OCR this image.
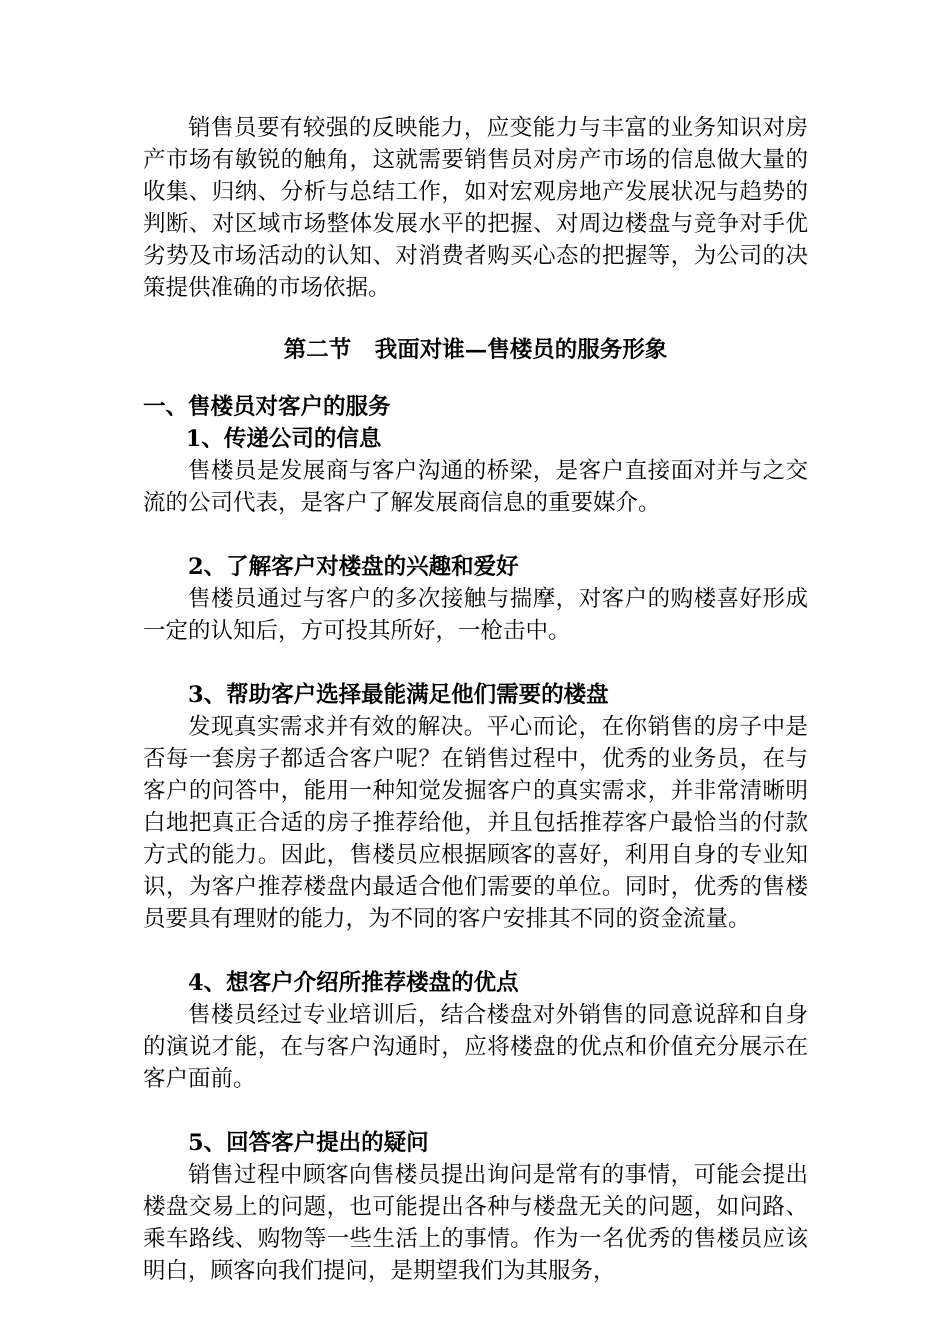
销售员要有较强的反映能力，应变能力与丰富的业务知识对房产市场有敏锐的触角，这就需要销售员对房产市场的信息做大量的收集、归纳、分析与总结工作，如对宏观房地产发展状况与趋势的判断、对区域市场整体发展水平的把握、对周边楼盘与竞争对手优劣势及市场活动的认知、对消费者购买心态的把握等，为公司的决策提供准确的市场依据。

第二节   我面对谁—售楼员的服务形象

一、售楼员对客户的服务

1、传递公司的信息

售楼员是发展商与客户沟通的桥梁，是客户直接面对并与之交流的公司代表，是客户了解发展商信息的重要媒介。

2、了解客户对楼盘的兴趣和爱好

售楼员通过与客户的多次接触与揣摩，对客户的购楼喜好形成一定的认知后，方可投其所好，一枪击中。

3、帮助客户选择最能满足他们需要的楼盘

发现真实需求并有效的解决。平心而论，在你销售的房子中是否每一套房子都适合客户呢？在销售过程中，优秀的业务员，在与客户的问答中，能用一种知觉发掘客户的真实需求，并非常清晰明白地把真正合适的房子推荐给他，并且包括推荐客户最恰当的付款方式的能力。因此，售楼员应根据顾客的喜好，利用自身的专业知识，为客户推荐楼盘内最适合他们需要的单位。同时，优秀的售楼员要具有理财的能力，为不同的客户安排其不同的资金流量。

4、想客户介绍所推荐楼盘的优点

售楼员经过专业培训后，结合楼盘对外销售的同意说辞和自身的演说才能，在与客户沟通时，应将楼盘的优点和价值充分展示在客户面前。

5、回答客户提出的疑问

销售过程中顾客向售楼员提出询问是常有的事情，可能会提出楼盘交易上的问题，也可能提出各种与楼盘无关的问题，如问路、乘车路线、购物等一些生活上的事情。作为一名优秀的售楼员应该明白，顾客向我们提问，是期望我们为其服务，
